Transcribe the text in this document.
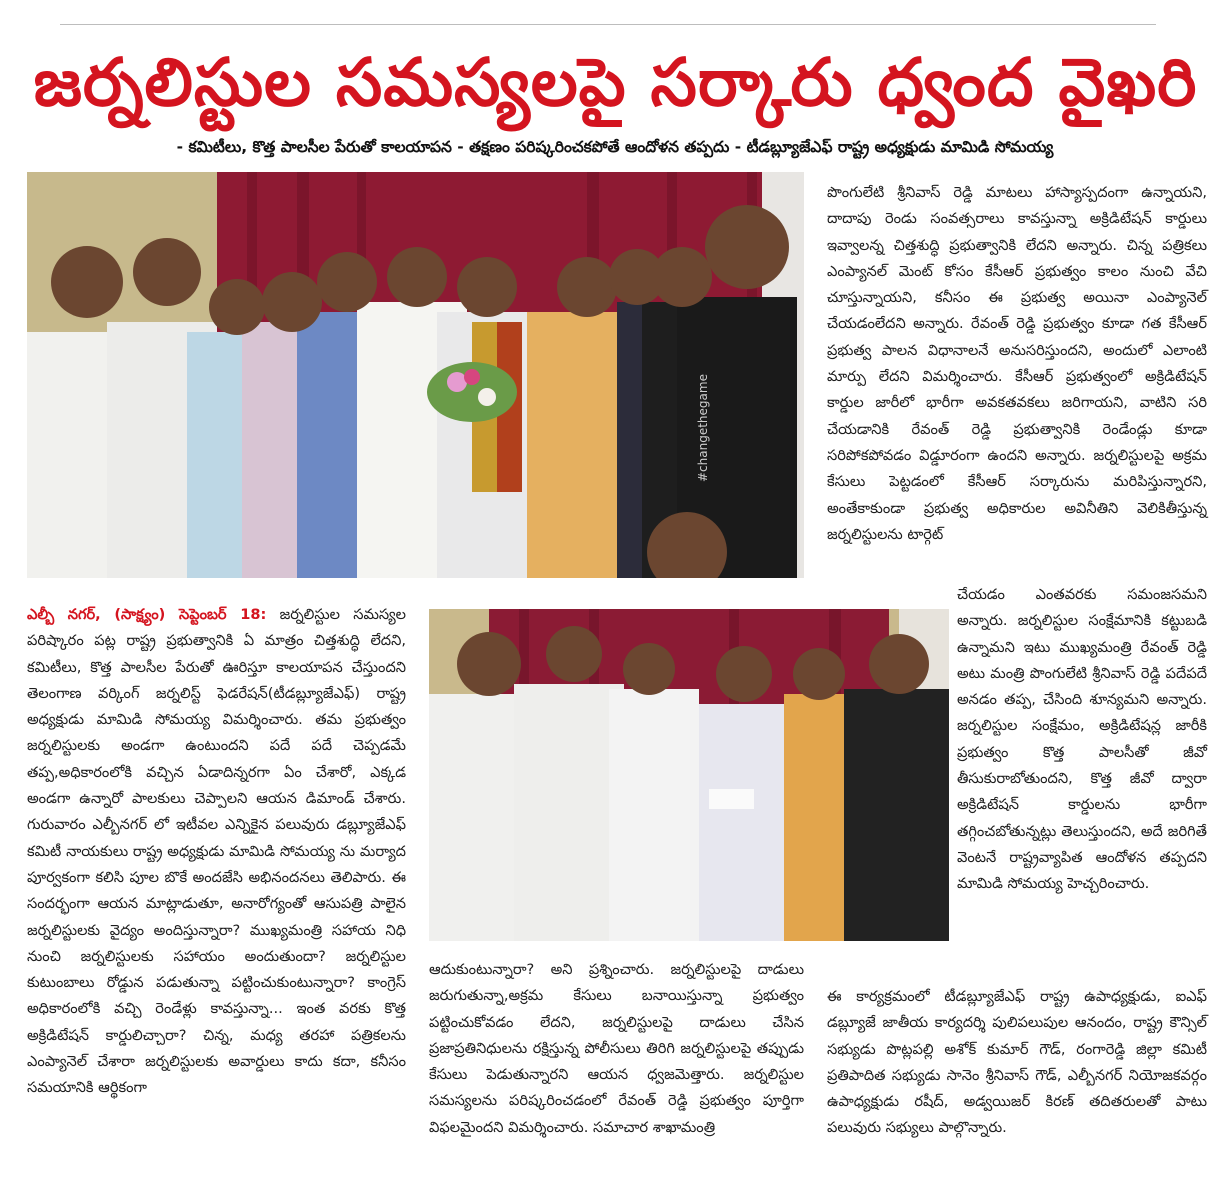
జర్నలిస్టుల సమస్యలపై సర్కారు ధ్వంద వైఖరి
- కమిటీలు, కొత్త పాలసీల పేరుతో కాలయాపన - తక్షణం పరిష్కరించకపోతే ఆందోళన తప్పదు - టీడబ్ల్యూజేఎఫ్ రాష్ట్ర అధ్యక్షుడు మామిడి సోమయ్య
#changethegame

ఎల్బీ నగర్, (సాక్ష్యం) సెప్టెంబర్ 18: జర్నలిస్టుల సమస్యల పరిష్కారం పట్ల రాష్ట్ర ప్రభుత్వానికి ఏ మాత్రం చిత్తశుద్ధి లేదని, కమిటీలు, కొత్త పాలసీల పేరుతో ఊరిస్తూ కాలయాపన చేస్తుందని తెలంగాణ వర్కింగ్ జర్నలిస్ట్ ఫెడరేషన్(టీడబ్ల్యూజేఎఫ్) రాష్ట్ర అధ్యక్షుడు మామిడి సోమయ్య విమర్శించారు. తమ ప్రభుత్వం జర్నలిస్టులకు అండగా ఉంటుందని పదే పదే చెప్పడమే తప్ప,అధికారంలోకి వచ్చిన ఏడాదిన్నరగా ఏం చేశారో, ఎక్కడ అండగా ఉన్నారో పాలకులు చెప్పాలని ఆయన డిమాండ్ చేశారు. గురువారం ఎల్బీనగర్ లో ఇటీవల ఎన్నికైన పలువురు డబ్ల్యూజేఎఫ్ కమిటీ నాయకులు రాష్ట్ర అధ్యక్షుడు మామిడి సోమయ్య ను మర్యాద పూర్వకంగా కలిసి పూల బొకే అందజేసి అభినందనలు తెలిపారు. ఈ సందర్భంగా ఆయన మాట్లాడుతూ, అనారోగ్యంతో ఆసుపత్రి పాలైన జర్నలిస్టులకు వైద్యం అందిస్తున్నారా? ముఖ్యమంత్రి సహాయ నిధి నుంచి జర్నలిస్టులకు సహాయం అందుతుందా? జర్నలిస్టుల కుటుంబాలు రోడ్డున పడుతున్నా పట్టించుకుంటున్నారా? కాంగ్రెస్ అధికారంలోకి వచ్చి రెండేళ్లు కావస్తున్నా... ఇంత వరకు కొత్త అక్రిడిటేషన్ కార్డులిచ్చారా? చిన్న, మధ్య తరహా పత్రికలను ఎంప్యానెల్ చేశారా జర్నలిస్టులకు అవార్డులు కాదు కదా, కనీసం సమయానికి ఆర్థికంగా

ఆదుకుంటున్నారా? అని ప్రశ్నించారు. జర్నలిస్టులపై దాడులు జరుగుతున్నా,అక్రమ కేసులు బనాయిస్తున్నా ప్రభుత్వం పట్టించుకోవడం లేదని, జర్నలిస్టులపై దాడులు చేసిన ప్రజాప్రతినిధులను రక్షిస్తున్న పోలీసులు తిరిగి జర్నలిస్టులపై తప్పుడు కేసులు పెడుతున్నారని ఆయన ధ్వజమెత్తారు. జర్నలిస్టుల సమస్యలను పరిష్కరించడంలో రేవంత్ రెడ్డి ప్రభుత్వం పూర్తిగా విఫలమైందని విమర్శించారు. సమాచార శాఖామంత్రి

పొంగులేటి శ్రీనివాస్ రెడ్డి మాటలు హాస్యాస్పదంగా ఉన్నాయని, దాదాపు రెండు సంవత్సరాలు కావస్తున్నా అక్రిడిటేషన్ కార్డులు ఇవ్వాలన్న చిత్తశుద్ధి ప్రభుత్వానికి లేదని అన్నారు. చిన్న పత్రికలు ఎంప్యానల్ మెంట్ కోసం కేసీఆర్ ప్రభుత్వం కాలం నుంచి వేచి చూస్తున్నాయని, కనీసం ఈ ప్రభుత్వ అయినా ఎంప్యానెల్ చేయడంలేదని అన్నారు. రేవంత్ రెడ్డి ప్రభుత్వం కూడా గత కేసీఆర్ ప్రభుత్వ పాలన విధానాలనే అనుసరిస్తుందని, అందులో ఎలాంటి మార్పు లేదని విమర్శించారు. కేసీఆర్ ప్రభుత్వంలో అక్రిడిటేషన్ కార్డుల జారీలో భారీగా అవకతవకలు జరిగాయని, వాటిని సరి చేయడానికి రేవంత్ రెడ్డి ప్రభుత్వానికి రెండేండ్లు కూడా సరిపోకపోవడం విడ్డూరంగా ఉందని అన్నారు. జర్నలిస్టులపై అక్రమ కేసులు పెట్టడంలో కేసీఆర్ సర్కారును మరిపిస్తున్నారని, అంతేకాకుండా ప్రభుత్వ అధికారుల అవినీతిని వెలికితీస్తున్న జర్నలిస్టులను టార్గెట్

చేయడం ఎంతవరకు సమంజసమని అన్నారు. జర్నలిస్టుల సంక్షేమానికి కట్టుబడి ఉన్నామని ఇటు ముఖ్యమంత్రి రేవంత్ రెడ్డి అటు మంత్రి పొంగులేటి శ్రీనివాస్ రెడ్డి పదేపదే అనడం తప్ప, చేసింది శూన్యమని అన్నారు. జర్నలిస్టుల సంక్షేమం, అక్రిడిటేషన్ల జారీకి ప్రభుత్వం కొత్త పాలసీతో జీవో తీసుకురాబోతుందని, కొత్త జీవో ద్వారా అక్రిడిటేషన్ కార్డులను భారీగా తగ్గించబోతున్నట్లు తెలుస్తుందని, అదే జరిగితే వెంటనే రాష్ట్రవ్యాపిత ఆందోళన తప్పదని మామిడి సోమయ్య హెచ్చరించారు.

ఈ కార్యక్రమంలో టీడబ్ల్యూజేఎఫ్ రాష్ట్ర ఉపాధ్యక్షుడు, ఐఎఫ్ డబ్ల్యూజే జాతీయ కార్యదర్శి పులిపలుపుల ఆనందం, రాష్ట్ర కౌన్సిల్ సభ్యుడు పొట్లపల్లి అశోక్ కుమార్ గౌడ్, రంగారెడ్డి జిల్లా కమిటీ ప్రతిపాదిత సభ్యుడు సానెం శ్రీనివాస్ గౌడ్, ఎల్బీనగర్ నియోజకవర్గం ఉపాధ్యక్షుడు రషీద్, అడ్వయిజర్ కిరణ్ తదితరులతో పాటు పలువురు సభ్యులు పాల్గొన్నారు.
